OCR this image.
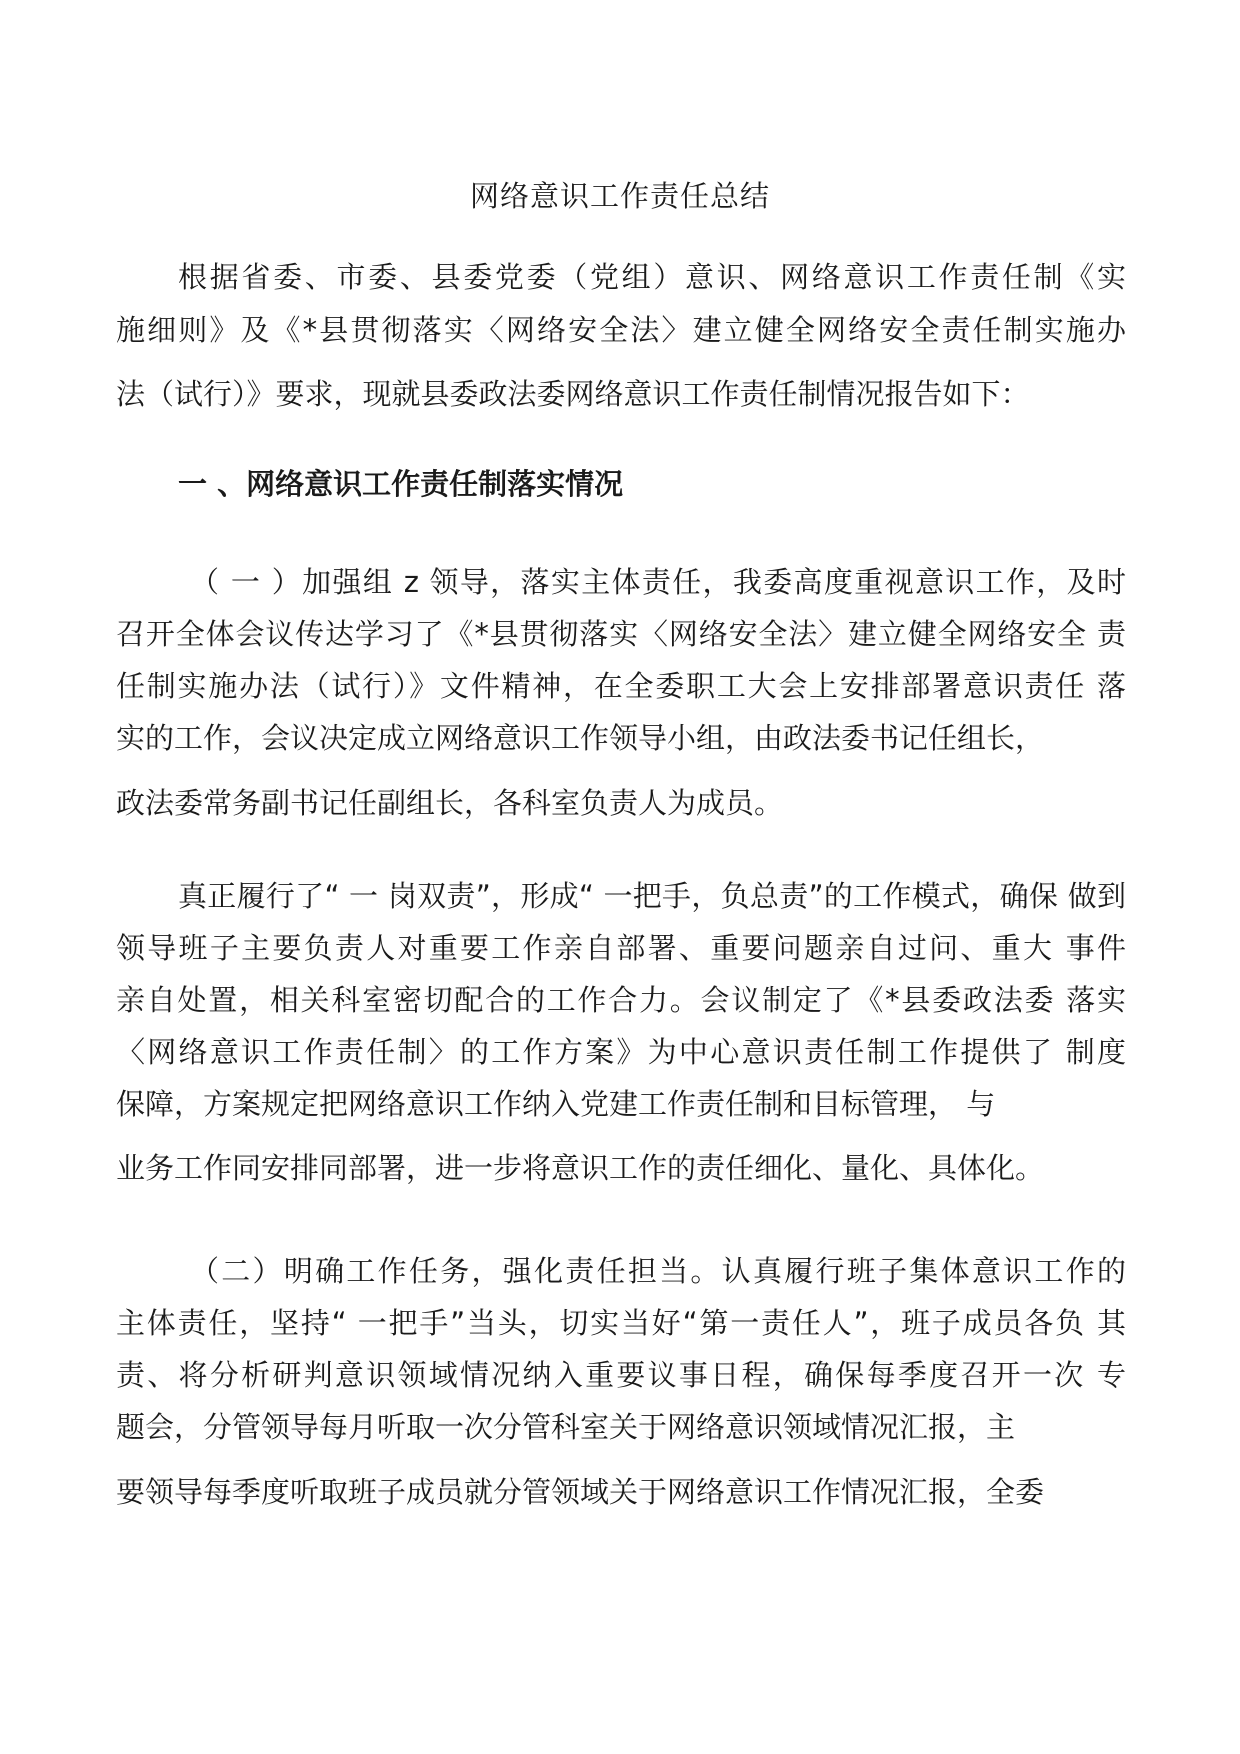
网络意识工作责任总结
根据省委、市委、县委党委（党组）意识、网络意识工作责任制《实
施细则》及《*县贯彻落实〈网络安全法〉建立健全网络安全责任制实施办
法（试行）》要求，现就县委政法委网络意识工作责任制情况报告如下：
一 、网络意识工作责任制落实情况
（ 一 ）加强组 z 领导，落实主体责任，我委高度重视意识工作，及时
召开全体会议传达学习了《*县贯彻落实〈网络安全法〉建立健全网络安全 责
任制实施办法（试行）》文件精神，在全委职工大会上安排部署意识责任 落
实的工作，会议决定成立网络意识工作领导小组，由政法委书记任组长，
政法委常务副书记任副组长，各科室负责人为成员。
真正履行了“ 一 岗双责”，形成“ 一把手，负总责”的工作模式，确保 做到
领导班子主要负责人对重要工作亲自部署、重要问题亲自过问、重大 事件
亲自处置，相关科室密切配合的工作合力。会议制定了《*县委政法委 落实
〈网络意识工作责任制〉的工作方案》为中心意识责任制工作提供了 制度
保障，方案规定把网络意识工作纳入党建工作责任制和目标管理， 与
业务工作同安排同部署，进一步将意识工作的责任细化、量化、具体化。
（二）明确工作任务，强化责任担当。认真履行班子集体意识工作的
主体责任，坚持“ 一把手”当头，切实当好“第一责任人”，班子成员各负 其
责、将分析研判意识领域情况纳入重要议事日程，确保每季度召开一次 专
题会，分管领导每月听取一次分管科室关于网络意识领域情况汇报，主
要领导每季度听取班子成员就分管领域关于网络意识工作情况汇报，全委
